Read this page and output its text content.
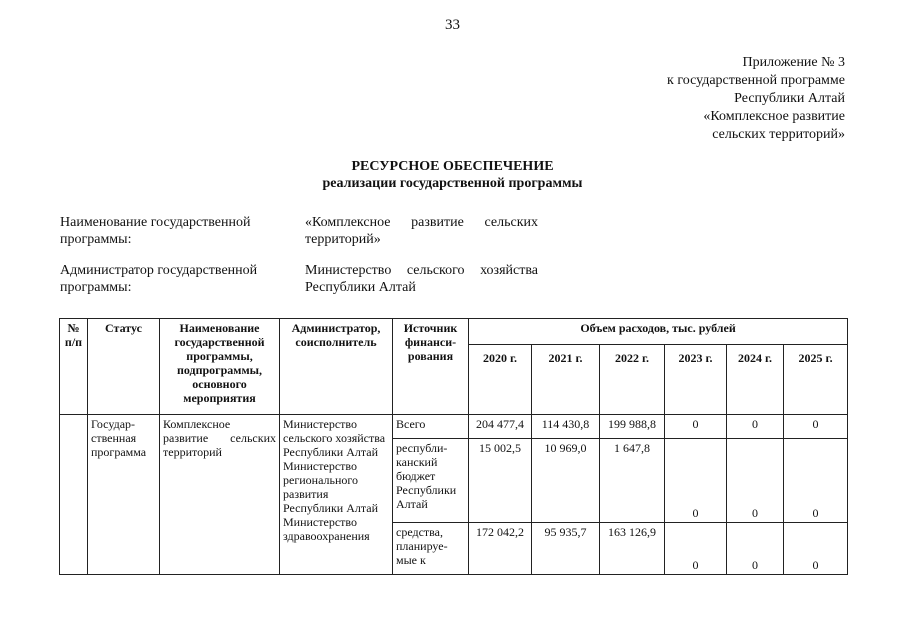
33
Приложение № 3
к государственной программе
Республики Алтай
«Комплексное развитие
сельских территорий»
РЕСУРСНОЕ ОБЕСПЕЧЕНИЕ
реализации государственной программы
Наименование государственной программы:
«Комплексное развитие сельских территорий»
Администратор государственной программы:
Министерство сельского хозяйства Республики Алтай
№ п/п	Статус	Наименование государственной программы, подпрограммы, основного мероприятия	Администратор, соисполнитель	Источник финанси-рования	Объем расходов, тыс. рублей					
					2020 г.	2021 г.	2022 г.	2023 г.	2024 г.	2025 г.
	Государ-ственная программа	Комплексное развитие сельских территорий	Министерство сельского хозяйства Республики Алтай Министерство регионального развития Республики Алтай Министерство здравоохранения	Всего	204 477,4	114 430,8	199 988,8	0	0	0
				республи-канский бюджет Республики Алтай	15 002,5	10 969,0	1 647,8	0	0	0
				средства, планируе-мые к	172 042,2	95 935,7	163 126,9	0	0	0
